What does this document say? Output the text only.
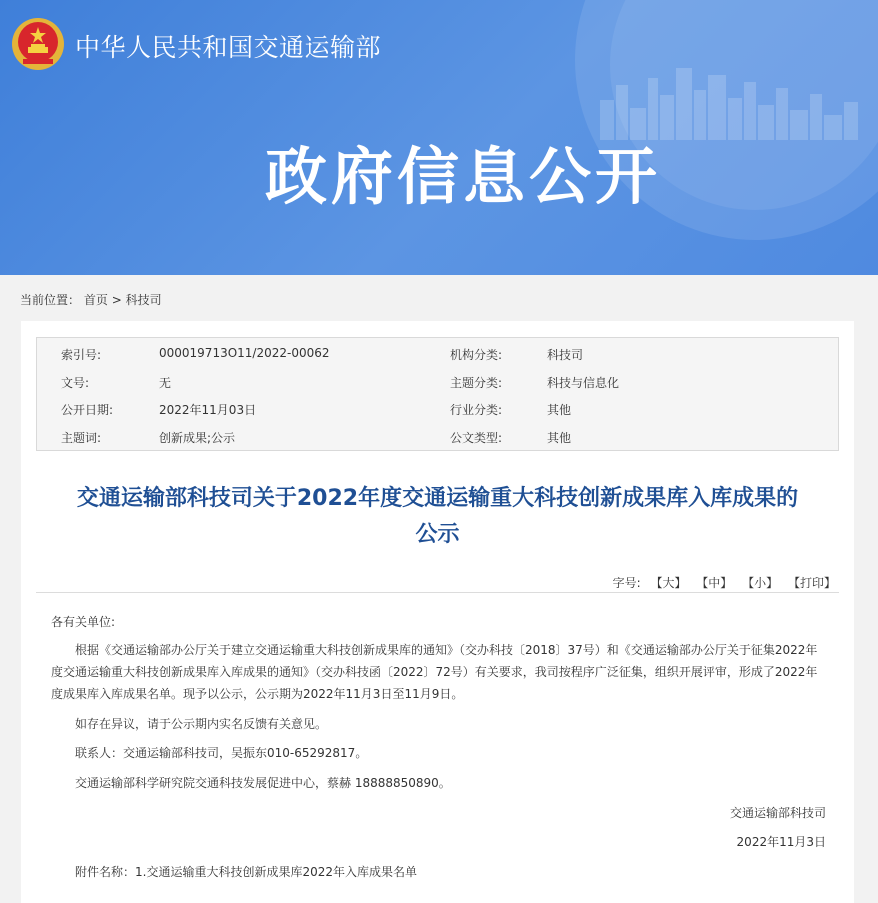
中华人民共和国交通运输部
政府信息公开
当前位置： 首页 > 科技司
索引号:	000019713O11/2022-00062	机构分类:	科技司
文号:	无	主题分类:	科技与信息化
公开日期:	2022年11月03日	行业分类:	其他
主题词:	创新成果;公示	公文类型:	其他
交通运输部科技司关于2022年度交通运输重大科技创新成果库入库成果的
公示
字号: 【大】 【中】 【小】 【打印】
各有关单位:
根据《交通运输部办公厅关于建立交通运输重大科技创新成果库的通知》（交办科技〔2018〕37号）和《交通运输部办公厅关于征集2022年度交通运输重大科技创新成果库入库成果的通知》（交办科技函〔2022〕72号）有关要求，我司按程序广泛征集，组织开展评审，形成了2022年度成果库入库成果名单。现予以公示，公示期为2022年11月3日至11月9日。
如存在异议，请于公示期内实名反馈有关意见。
联系人：交通运输部科技司，吴振东010-65292817。
交通运输部科学研究院交通科技发展促进中心，蔡赫 18888850890。
交通运输部科技司
2022年11月3日
附件名称：1.交通运输重大科技创新成果库2022年入库成果名单
